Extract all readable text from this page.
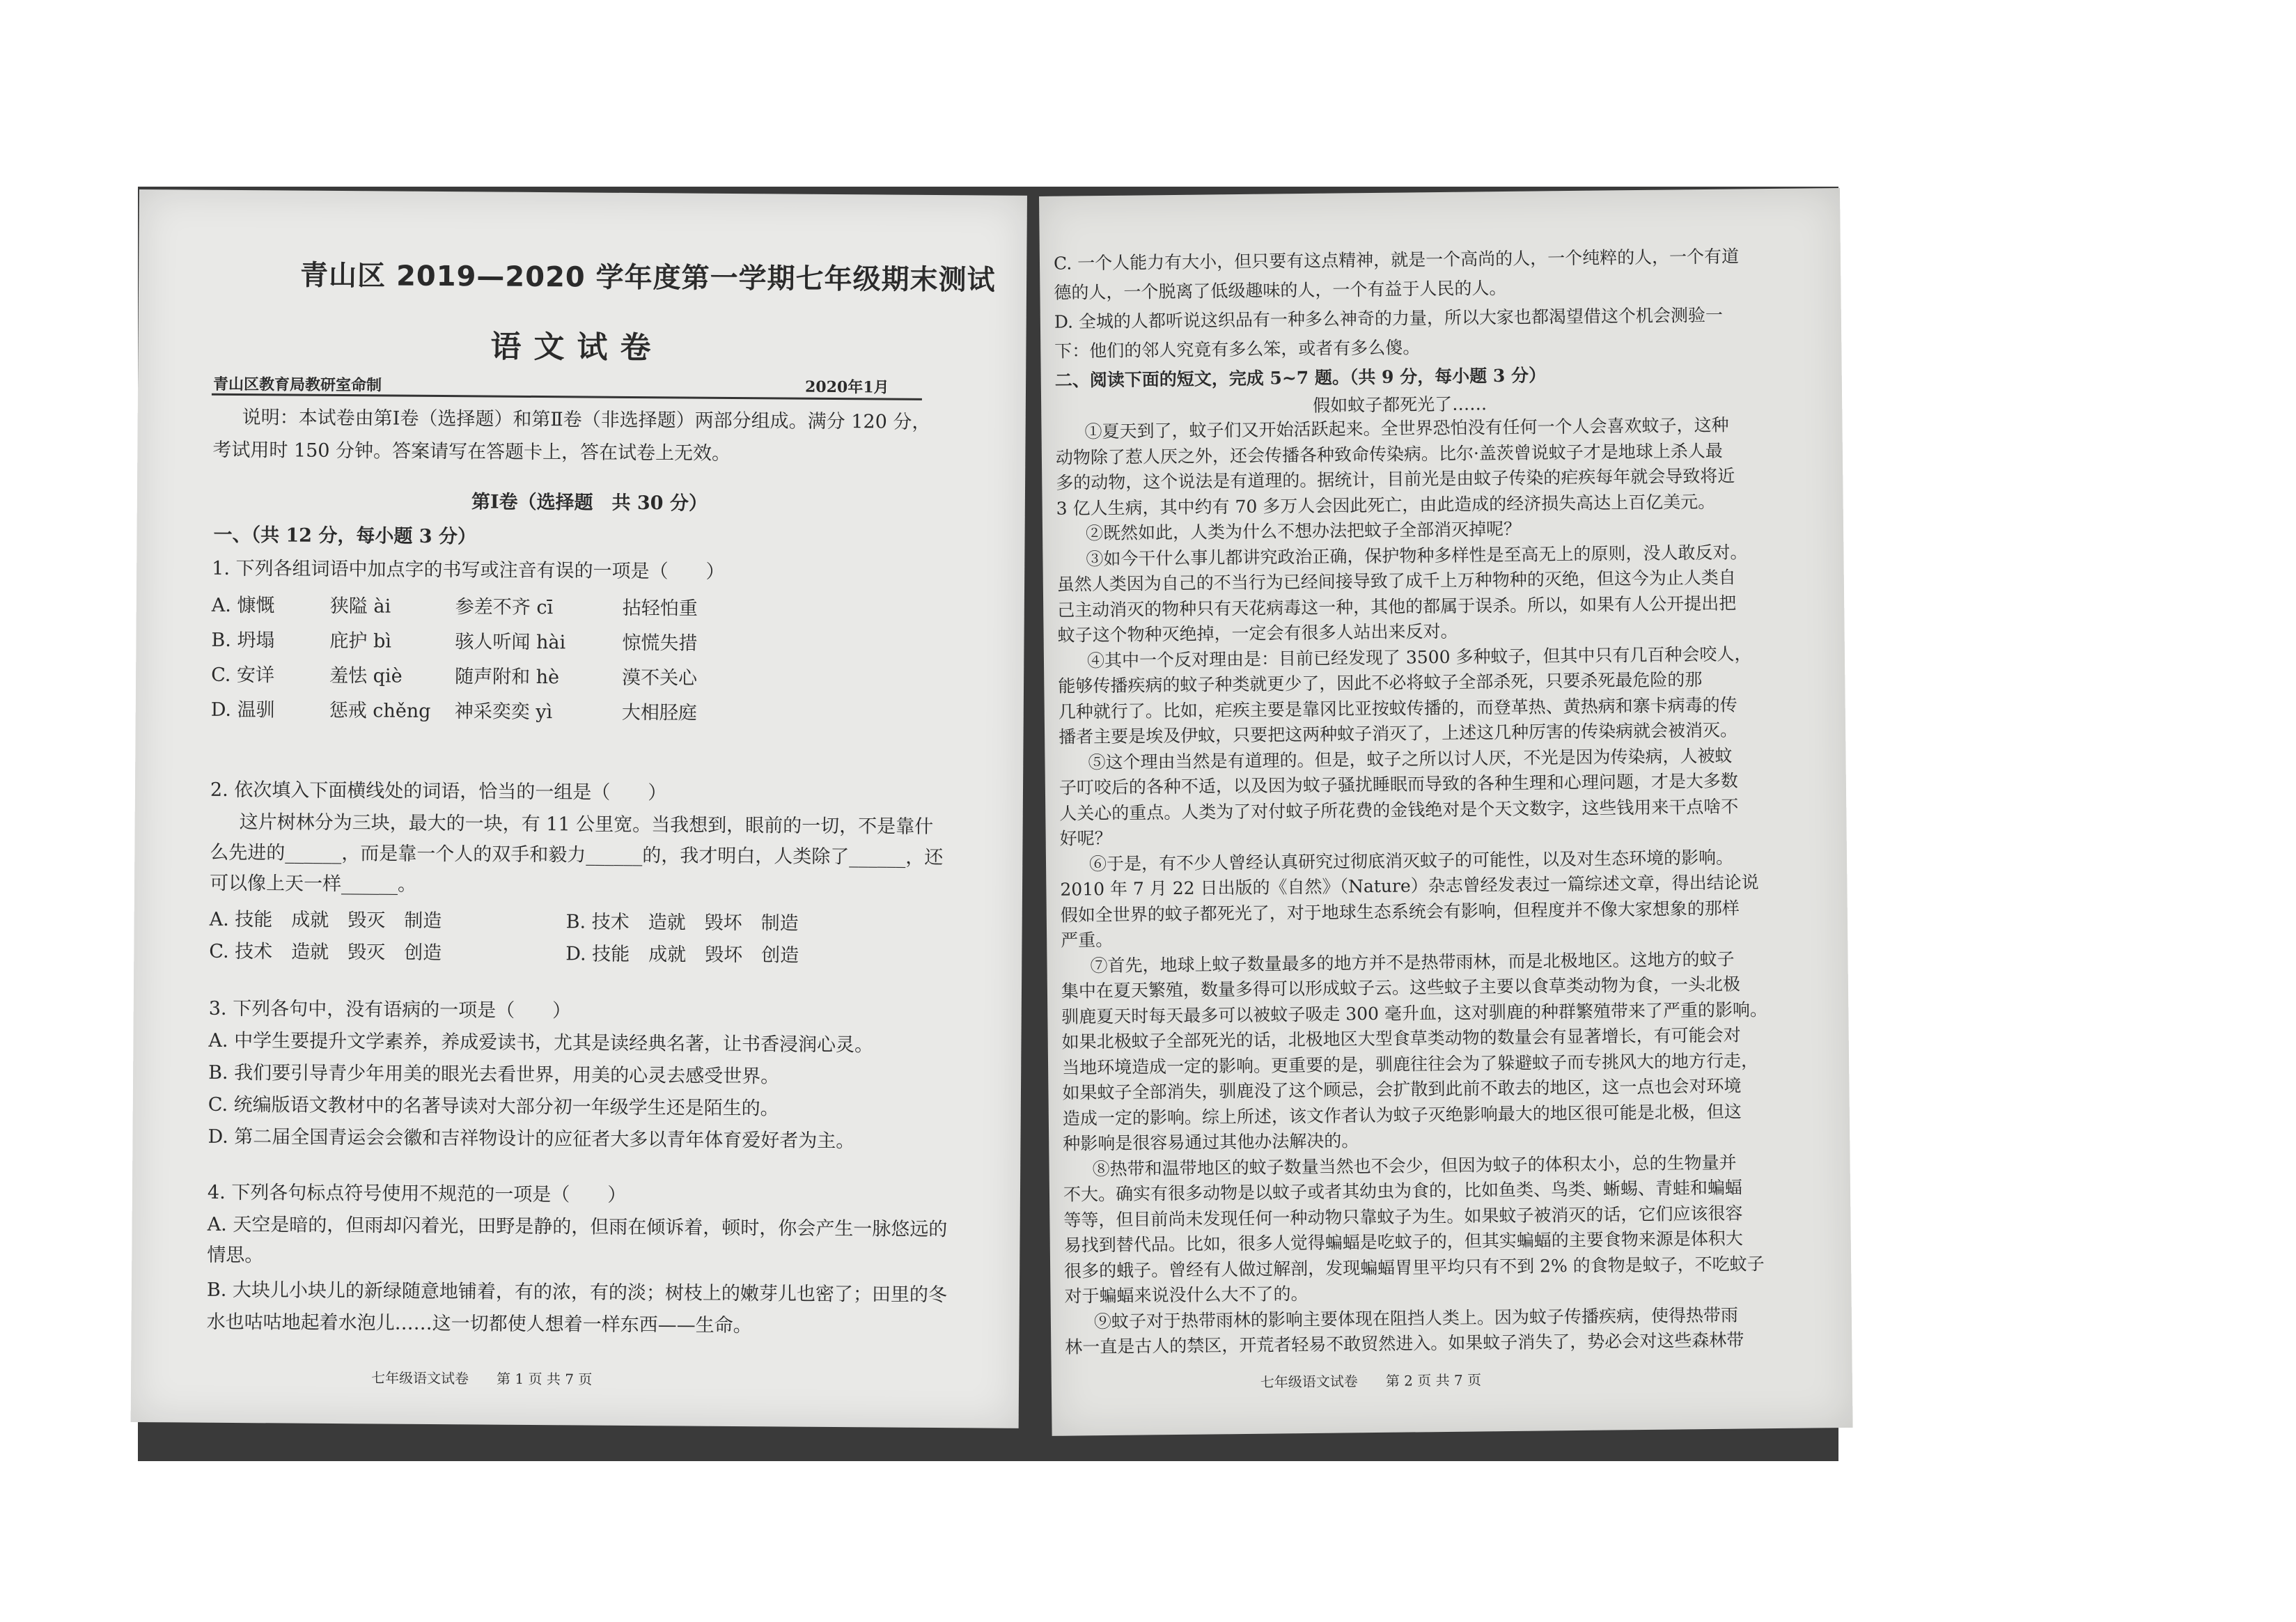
青山区 2019—2020 学年度第一学期七年级期末测试
语文试卷
青山区教育局教研室命制	2020年1月
说明：本试卷由第Ⅰ卷（选择题）和第Ⅱ卷（非选择题）两部分组成。满分 120 分，
考试用时 150 分钟。答案请写在答题卡上，答在试卷上无效。
第Ⅰ卷（选择题　共 30 分）
一、（共 12 分，每小题 3 分）
1. 下列各组词语中加点字的书写或注音有误的一项是（　　）
A. 慷慨	狭隘 ài	参差不齐 cī	拈轻怕重
B. 坍塌	庇护 bì	骇人听闻 hài	惊慌失措
C. 安详	羞怯 qiè	随声附和 hè	漠不关心
D. 温驯	惩戒 chěng	神采奕奕 yì	大相胫庭
2. 依次填入下面横线处的词语，恰当的一组是（　　）
这片树林分为三块，最大的一块，有 11 公里宽。当我想到，眼前的一切，不是靠什
么先进的______，而是靠一个人的双手和毅力______的，我才明白，人类除了______，还
可以像上天一样______。
A. 技能　成就　毁灭　制造	B. 技术　造就　毁坏　制造
C. 技术　造就　毁灭　创造	D. 技能　成就　毁坏　创造
3. 下列各句中，没有语病的一项是（　　）
A. 中学生要提升文学素养，养成爱读书，尤其是读经典名著，让书香浸润心灵。
B. 我们要引导青少年用美的眼光去看世界，用美的心灵去感受世界。
C. 统编版语文教材中的名著导读对大部分初一年级学生还是陌生的。
D. 第二届全国青运会会徽和吉祥物设计的应征者大多以青年体育爱好者为主。
4. 下列各句标点符号使用不规范的一项是（　　）
A. 天空是暗的，但雨却闪着光，田野是静的，但雨在倾诉着，顿时，你会产生一脉悠远的
情思。
B. 大块儿小块儿的新绿随意地铺着，有的浓，有的淡；树枝上的嫩芽儿也密了；田里的冬
水也咕咕地起着水泡儿……这一切都使人想着一样东西——生命。
七年级语文试卷　　第 1 页 共 7 页
C. 一个人能力有大小，但只要有这点精神，就是一个高尚的人，一个纯粹的人，一个有道
德的人，一个脱离了低级趣味的人，一个有益于人民的人。
D. 全城的人都听说这织品有一种多么神奇的力量，所以大家也都渴望借这个机会测验一
下：他们的邻人究竟有多么笨，或者有多么傻。
二、阅读下面的短文，完成 5~7 题。（共 9 分，每小题 3 分）
假如蚊子都死光了……
①夏天到了，蚊子们又开始活跃起来。全世界恐怕没有任何一个人会喜欢蚊子，这种
动物除了惹人厌之外，还会传播各种致命传染病。比尔·盖茨曾说蚊子才是地球上杀人最
多的动物，这个说法是有道理的。据统计，目前光是由蚊子传染的疟疾每年就会导致将近
3 亿人生病，其中约有 70 多万人会因此死亡，由此造成的经济损失高达上百亿美元。
②既然如此，人类为什么不想办法把蚊子全部消灭掉呢？
③如今干什么事儿都讲究政治正确，保护物种多样性是至高无上的原则，没人敢反对。
虽然人类因为自己的不当行为已经间接导致了成千上万种物种的灭绝，但这今为止人类自
己主动消灭的物种只有天花病毒这一种，其他的都属于误杀。所以，如果有人公开提出把
蚊子这个物种灭绝掉，一定会有很多人站出来反对。
④其中一个反对理由是：目前已经发现了 3500 多种蚊子，但其中只有几百种会咬人，
能够传播疾病的蚊子种类就更少了，因此不必将蚊子全部杀死，只要杀死最危险的那
几种就行了。比如，疟疾主要是靠冈比亚按蚊传播的，而登革热、黄热病和寨卡病毒的传
播者主要是埃及伊蚊，只要把这两种蚊子消灭了，上述这几种厉害的传染病就会被消灭。
⑤这个理由当然是有道理的。但是，蚊子之所以讨人厌，不光是因为传染病，人被蚊
子叮咬后的各种不适，以及因为蚊子骚扰睡眠而导致的各种生理和心理问题，才是大多数
人关心的重点。人类为了对付蚊子所花费的金钱绝对是个天文数字，这些钱用来干点啥不
好呢？
⑥于是，有不少人曾经认真研究过彻底消灭蚊子的可能性，以及对生态环境的影响。
2010 年 7 月 22 日出版的《自然》（Nature）杂志曾经发表过一篇综述文章，得出结论说
假如全世界的蚊子都死光了，对于地球生态系统会有影响，但程度并不像大家想象的那样
严重。
⑦首先，地球上蚊子数量最多的地方并不是热带雨林，而是北极地区。这地方的蚊子
集中在夏天繁殖，数量多得可以形成蚊子云。这些蚊子主要以食草类动物为食，一头北极
驯鹿夏天时每天最多可以被蚊子吸走 300 毫升血，这对驯鹿的种群繁殖带来了严重的影响。
如果北极蚊子全部死光的话，北极地区大型食草类动物的数量会有显著增长，有可能会对
当地环境造成一定的影响。更重要的是，驯鹿往往会为了躲避蚊子而专挑风大的地方行走，
如果蚊子全部消失，驯鹿没了这个顾忌，会扩散到此前不敢去的地区，这一点也会对环境
造成一定的影响。综上所述，该文作者认为蚊子灭绝影响最大的地区很可能是北极，但这
种影响是很容易通过其他办法解决的。
⑧热带和温带地区的蚊子数量当然也不会少，但因为蚊子的体积太小，总的生物量并
不大。确实有很多动物是以蚊子或者其幼虫为食的，比如鱼类、鸟类、蜥蜴、青蛙和蝙蝠
等等，但目前尚未发现任何一种动物只靠蚊子为生。如果蚊子被消灭的话，它们应该很容
易找到替代品。比如，很多人觉得蝙蝠是吃蚊子的，但其实蝙蝠的主要食物来源是体积大
很多的蛾子。曾经有人做过解剖，发现蝙蝠胃里平均只有不到 2% 的食物是蚊子，不吃蚊子
对于蝙蝠来说没什么大不了的。
⑨蚊子对于热带雨林的影响主要体现在阻挡人类上。因为蚊子传播疾病，使得热带雨
林一直是古人的禁区，开荒者轻易不敢贸然进入。如果蚊子消失了，势必会对这些森林带
七年级语文试卷　　第 2 页 共 7 页
